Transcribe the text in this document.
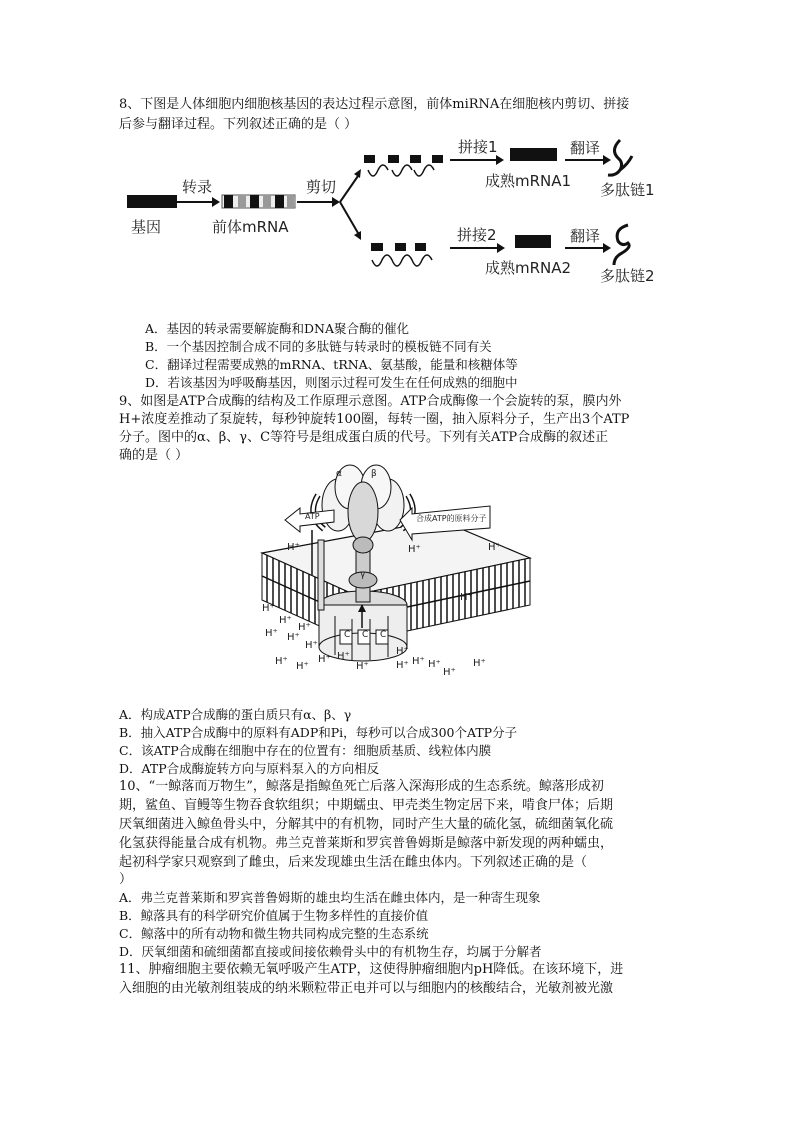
8、下图是人体细胞内细胞核基因的表达过程示意图，前体miRNA在细胞核内剪切、拼接
后参与翻译过程。下列叙述正确的是（ ）
转录
基因	前体mRNA
剪切
拼接1
成熟mRNA1
翻译
多肽链1
拼接2
成熟mRNA2
翻译
多肽链2
A．基因的转录需要解旋酶和DNA聚合酶的催化
B．一个基因控制合成不同的多肽链与转录时的模板链不同有关
C．翻译过程需要成熟的mRNA、tRNA、氨基酸，能量和核糖体等
D．若该基因为呼吸酶基因，则图示过程可发生在任何成熟的细胞中
9、如图是ATP合成酶的结构及工作原理示意图。ATP合成酶像一个会旋转的泵，膜内外
H+浓度差推动了泵旋转，每秒钟旋转100圈，每转一圈，抽入原料分子，生产出3个ATP
分子。图中的α、β、γ、C等符号是组成蛋白质的代号。下列有关ATP合成酶的叙述正
确的是（ ）
α	β
γ
C C C
ATP	合成ATP的原料分子
H⁺	H⁺	H⁺
H⁺
H⁺
H⁺
H⁺ H⁺
H⁺
H⁺
H⁺ H⁺
H⁺ H⁺	H⁺
H⁺
H⁺ H⁺ H⁺
H⁺
H⁺
A．构成ATP合成酶的蛋白质只有α、β、γ
B．抽入ATP合成酶中的原料有ADP和Pi，每秒可以合成300个ATP分子
C．该ATP合成酶在细胞中存在的位置有：细胞质基质、线粒体内膜
D．ATP合成酶旋转方向与原料泵入的方向相反
10、“一鲸落而万物生”，鲸落是指鲸鱼死亡后落入深海形成的生态系统。鲸落形成初
期，鲨鱼、盲鳗等生物吞食软组织；中期蠕虫、甲壳类生物定居下来，啃食尸体；后期
厌氧细菌进入鲸鱼骨头中，分解其中的有机物，同时产生大量的硫化氢，硫细菌氧化硫
化氢获得能量合成有机物。弗兰克普莱斯和罗宾普鲁姆斯是鲸落中新发现的两种蠕虫，
起初科学家只观察到了雌虫，后来发现雄虫生活在雌虫体内。下列叙述正确的是（
）
A．弗兰克普莱斯和罗宾普鲁姆斯的雄虫均生活在雌虫体内，是一种寄生现象
B．鲸落具有的科学研究价值属于生物多样性的直接价值
C．鲸落中的所有动物和微生物共同构成完整的生态系统
D．厌氧细菌和硫细菌都直接或间接依赖骨头中的有机物生存，均属于分解者
11、肿瘤细胞主要依赖无氧呼吸产生ATP，这使得肿瘤细胞内pH降低。在该环境下，进
入细胞的由光敏剂组装成的纳米颗粒带正电并可以与细胞内的核酸结合，光敏剂被光激
